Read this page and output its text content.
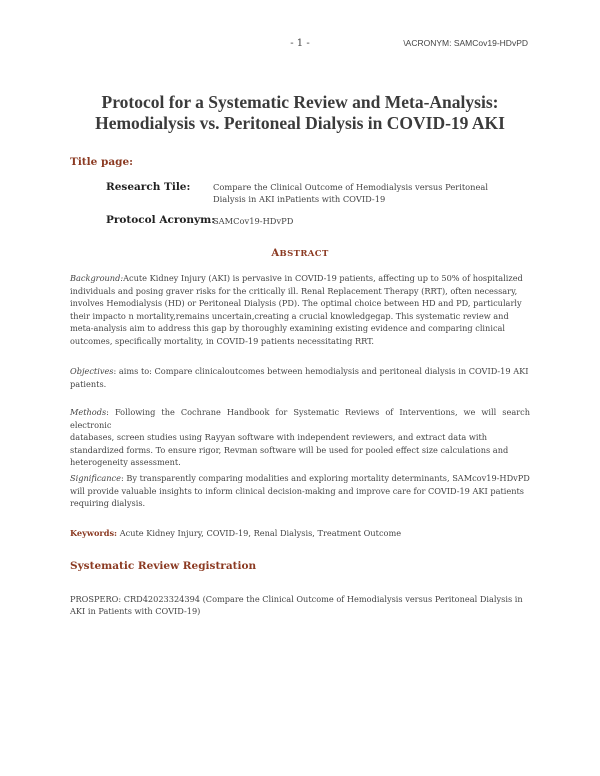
- 1 -	\ACRONYM: SAMCov19-HDvPD
Protocol for a Systematic Review and Meta-Analysis:
Hemodialysis vs. Peritoneal Dialysis in COVID-19 AKI
Title page:
Research Tile:	Compare the Clinical Outcome of Hemodialysis versus Peritoneal
Dialysis in AKI inPatients with COVID-19
Protocol Acronym:
SAMCov19-HDvPD
ABSTRACT
Background:Acute Kidney Injury (AKI) is pervasive in COVID-19 patients, affecting up to 50% of hospitalized
individuals and posing graver risks for the critically ill. Renal Replacement Therapy (RRT), often necessary,
involves Hemodialysis (HD) or Peritoneal Dialysis (PD). The optimal choice between HD and PD, particularly
their impacto n mortality,remains uncertain,creating a crucial knowledgegap. This systematic review and
meta-analysis aim to address this gap by thoroughly examining existing evidence and comparing clinical
outcomes, specifically mortality, in COVID-19 patients necessitating RRT.
Objectives: aims to: Compare clinicaloutcomes between hemodialysis and peritoneal dialysis in COVID-19 AKI
patients.
Methods: Following the Cochrane Handbook for Systematic Reviews of Interventions, we will search electronic
databases, screen studies using Rayyan software with independent reviewers, and extract data with
standardized forms. To ensure rigor, Revman software will be used for pooled effect size calculations and
heterogeneity assessment.
Significance: By transparently comparing modalities and exploring mortality determinants, SAMcov19-HDvPD
will provide valuable insights to inform clinical decision-making and improve care for COVID-19 AKI patients
requiring dialysis.
Keywords: Acute Kidney Injury, COVID-19, Renal Dialysis, Treatment Outcome
Systematic Review Registration
PROSPERO: CRD42023324394 (Compare the Clinical Outcome of Hemodialysis versus Peritoneal Dialysis in
AKI in Patients with COVID-19)
